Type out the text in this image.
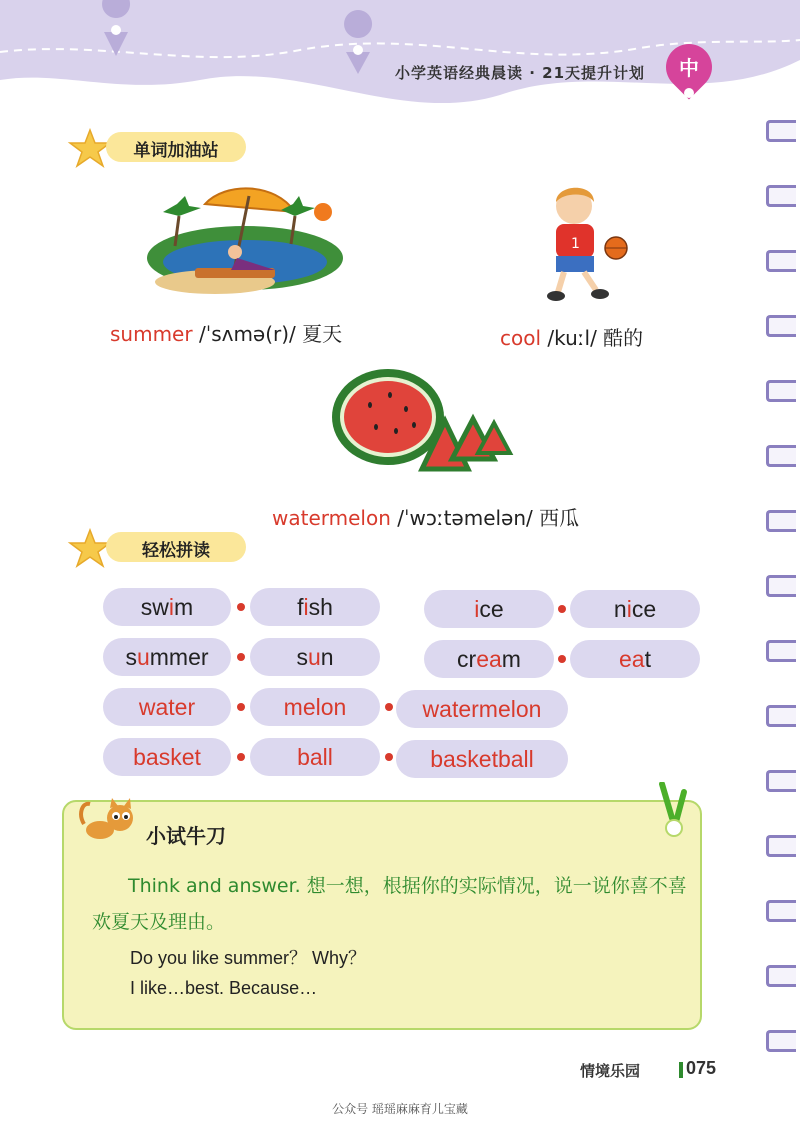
小学英语经典晨读 · 21天提升计划	中
单词加油站
1
summer /ˈsʌmə(r)/ 夏天	cool /kuːl/ 酷的
watermelon /ˈwɔːtəmelən/ 西瓜
轻松拼读
swim	fish	ice	nice
summer	sun	cream	eat
water	melon	watermelon
basket	ball	basketball
小试牛刀
Think and answer. 想一想，根据你的实际情况，说一说你喜不喜欢夏天及理由。
Do you like summer？ Why？
I like…best. Because…
情境乐园	075
公众号 瑶瑶麻麻育儿宝藏
